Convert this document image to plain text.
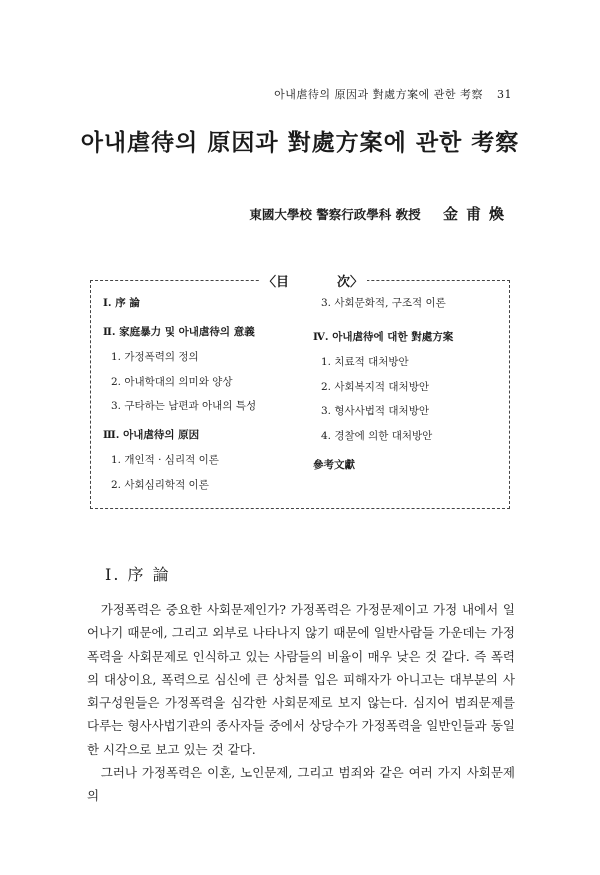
아내虐待의 原因과 對處方案에 관한 考察 31
아내虐待의 原因과 對處方案에 관한 考察
東國大學校 警察行政學科 敎授 金甫煥
〈目	次〉
Ⅰ. 序 論
Ⅱ. 家庭暴力 및 아내虐待의 意義
1. 가정폭력의 정의
2. 아내학대의 의미와 양상
3. 구타하는 남편과 아내의 특성
Ⅲ. 아내虐待의 原因
1. 개인적 · 심리적 이론
2. 사회심리학적 이론
3. 사회문화적, 구조적 이론
Ⅳ. 아내虐待에 대한 對處方案
1. 치료적 대처방안
2. 사회복지적 대처방안
3. 형사사법적 대처방안
4. 경찰에 의한 대처방안
參考文獻
Ⅰ. 序 論

가정폭력은 중요한 사회문제인가? 가정폭력은 가정문제이고 가정 내에서 일어나기 때문에, 그리고 외부로 나타나지 않기 때문에 일반사람들 가운데는 가정폭력을 사회문제로 인식하고 있는 사람들의 비율이 매우 낮은 것 같다. 즉 폭력의 대상이요, 폭력으로 심신에 큰 상처를 입은 피해자가 아니고는 대부분의 사회구성원들은 가정폭력을 심각한 사회문제로 보지 않는다. 심지어 범죄문제를 다루는 형사사법기관의 종사자들 중에서 상당수가 가정폭력을 일반인들과 동일한 시각으로 보고 있는 것 같다.

그러나 가정폭력은 이혼, 노인문제, 그리고 범죄와 같은 여러 가지 사회문제의
